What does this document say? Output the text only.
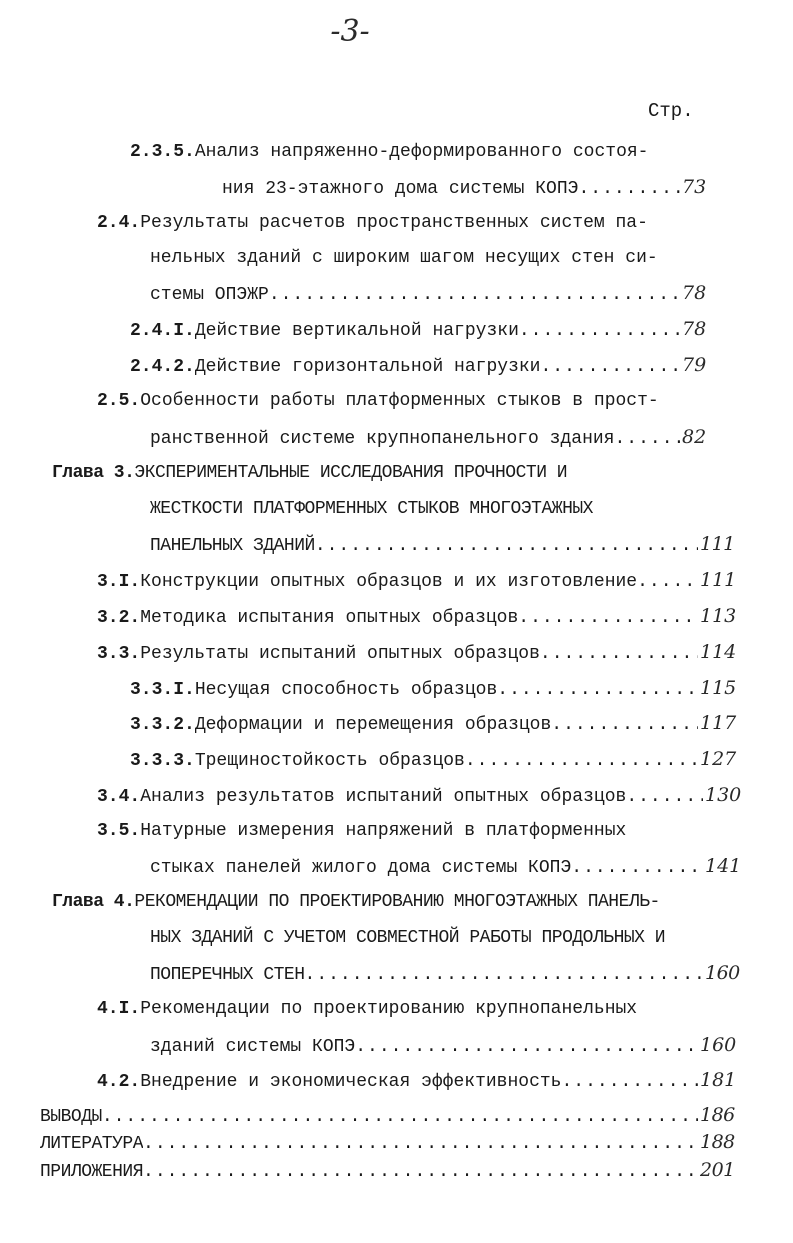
-3-
Стр.
2.3.5. Анализ напряженно-деформированного состоя-
ния 23-этажного дома системы КОПЭ .....	73
2.4. Результаты расчетов пространственных систем па-
нельных зданий с широким шагом несущих стен си-
стемы ОПЭЖР .....	78
2.4.I. Действие вертикальной нагрузки .....	78
2.4.2. Действие горизонтальной нагрузки .....	79
2.5. Особенности работы платформенных стыков в прост-
ранственной системе крупнопанельного здания .....	82
Глава 3. ЭКСПЕРИМЕНТАЛЬНЫЕ ИССЛЕДОВАНИЯ ПРОЧНОСТИ И
ЖЕСТКОСТИ ПЛАТФОРМЕННЫХ СТЫКОВ МНОГОЭТАЖНЫХ
ПАНЕЛЬНЫХ ЗДАНИЙ .....	111
3.I. Конструкции опытных образцов и их изготовление .....	111
3.2. Методика испытания опытных образцов .....	113
3.3. Результаты испытаний опытных образцов .....	114
3.3.I. Несущая способность образцов .....	115
3.3.2. Деформации и перемещения образцов .....	117
3.3.3. Трещиностойкость образцов .....	127
3.4. Анализ результатов испытаний опытных образцов .....	130
3.5. Натурные измерения напряжений в платформенных
стыках панелей жилого дома системы КОПЭ .....	141
Глава 4. РЕКОМЕНДАЦИИ ПО ПРОЕКТИРОВАНИЮ МНОГОЭТАЖНЫХ ПАНЕЛЬ-
НЫХ ЗДАНИЙ С УЧЕТОМ СОВМЕСТНОЙ РАБОТЫ ПРОДОЛЬНЫХ И
ПОПЕРЕЧНЫХ СТЕН .....	160
4.I. Рекомендации по проектированию крупнопанельных
зданий системы КОПЭ .....	160
4.2. Внедрение и экономическая эффективность .....	181
ВЫВОДЫ .....	186
ЛИТЕРАТУРА .....	188
ПРИЛОЖЕНИЯ .....	201
